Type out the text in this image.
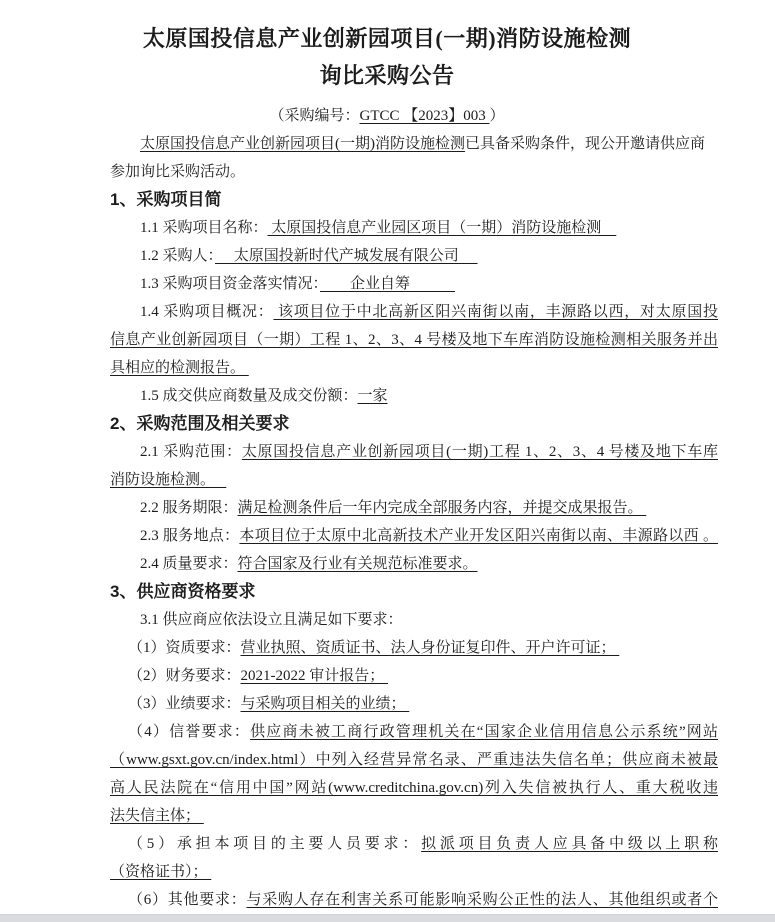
太原国投信息产业创新园项目(一期)消防设施检测
询比采购公告
（采购编号：GTCC 【2023】003 ）
太原国投信息产业创新园项目(一期)消防设施检测已具备采购条件，现公开邀请供应商
参加询比采购活动。
1、采购项目简
1.1 采购项目名称： 太原国投信息产业园区项目（一期）消防设施检测　
1.2 采购人：　 太原国投新时代产城发展有限公司 　
1.3 采购项目资金落实情况：　　企业自筹　　　
1.4 采购项目概况： 该项目位于中北高新区阳兴南街以南，丰源路以西，对太原国投
信息产业创新园项目（一期）工程 1、2、3、4 号楼及地下车库消防设施检测相关服务并出
具相应的检测报告。
1.5 成交供应商数量及成交份额：一家
2、采购范围及相关要求
2.1 采购范围：太原国投信息产业创新园项目(一期)工程 1、2、3、4 号楼及地下车库
消防设施检测。　
2.2 服务期限：满足检测条件后一年内完成全部服务内容，并提交成果报告。
2.3 服务地点：本项目位于太原中北高新技术产业开发区阳兴南街以南、丰源路以西 。
2.4 质量要求：符合国家及行业有关规范标准要求。
3、供应商资格要求
3.1 供应商应依法设立且满足如下要求：
（1）资质要求：营业执照、资质证书、法人身份证复印件、开户许可证；
（2）财务要求：2021-2022 审计报告；
（3）业绩要求：与采购项目相关的业绩；
（4）信誉要求：供应商未被工商行政管理机关在“国家企业信用信息公示系统”网站
（www.gsxt.gov.cn/index.html）中列入经营异常名录、严重违法失信名单；供应商未被最
高人民法院在“信用中国”网站(www.creditchina.gov.cn)列入失信被执行人、重大税收违
法失信主体；
（5）承担本项目的主要人员要求：拟派项目负责人应具备中级以上职称
（资格证书）；
（6）其他要求：与采购人存在利害关系可能影响采购公正性的法人、其他组织或者个
